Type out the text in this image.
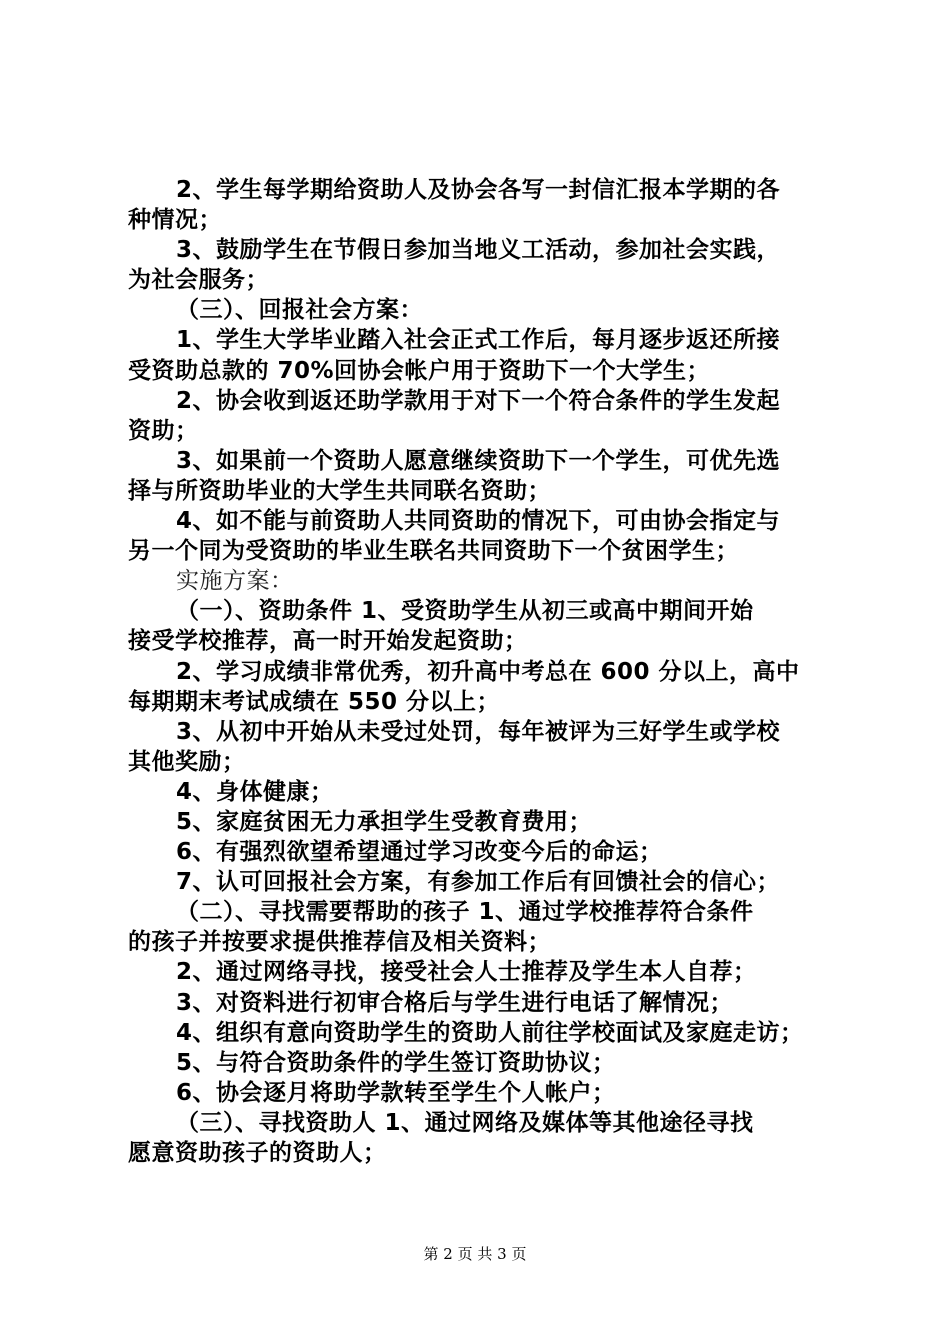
2、学生每学期给资助人及协会各写一封信汇报本学期的各
种情况；
3、鼓励学生在节假日参加当地义工活动，参加社会实践，
为社会服务；
（三）、回报社会方案：
1、学生大学毕业踏入社会正式工作后，每月逐步返还所接
受资助总款的 70%回协会帐户用于资助下一个大学生；
2、协会收到返还助学款用于对下一个符合条件的学生发起
资助；
3、如果前一个资助人愿意继续资助下一个学生，可优先选
择与所资助毕业的大学生共同联名资助；
4、如不能与前资助人共同资助的情况下，可由协会指定与
另一个同为受资助的毕业生联名共同资助下一个贫困学生；
实施方案：
（一）、资助条件 1、受资助学生从初三或高中期间开始
接受学校推荐，高一时开始发起资助；
2、学习成绩非常优秀，初升高中考总在 600 分以上，高中
每期期末考试成绩在 550 分以上；
3、从初中开始从未受过处罚，每年被评为三好学生或学校
其他奖励；
4、身体健康；
5、家庭贫困无力承担学生受教育费用；
6、有强烈欲望希望通过学习改变今后的命运；
7、认可回报社会方案，有参加工作后有回馈社会的信心；
（二）、寻找需要帮助的孩子 1、通过学校推荐符合条件
的孩子并按要求提供推荐信及相关资料；
2、通过网络寻找，接受社会人士推荐及学生本人自荐；
3、对资料进行初审合格后与学生进行电话了解情况；
4、组织有意向资助学生的资助人前往学校面试及家庭走访；
5、与符合资助条件的学生签订资助协议；
6、协会逐月将助学款转至学生个人帐户；
（三）、寻找资助人 1、通过网络及媒体等其他途径寻找
愿意资助孩子的资助人；
第 2 页 共 3 页
